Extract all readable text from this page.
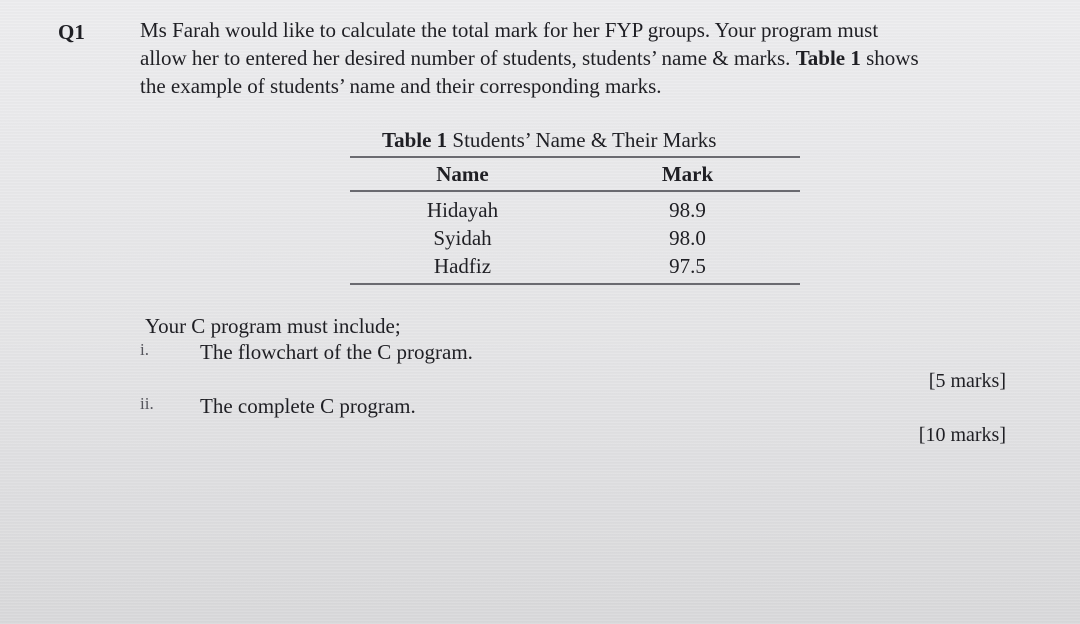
Q1	Ms Farah would like to calculate the total mark for her FYP groups. Your program must
allow her to entered her desired number of students, students’ name & marks. Table 1 shows
the example of students’ name and their corresponding marks.
Table 1 Students’ Name & Their Marks
Name	Mark
Hidayah	98.9
Syidah	98.0
Hadfiz	97.5
Your C program must include;
i. The flowchart of the C program.
[5 marks]
ii. The complete C program.
[10 marks]
